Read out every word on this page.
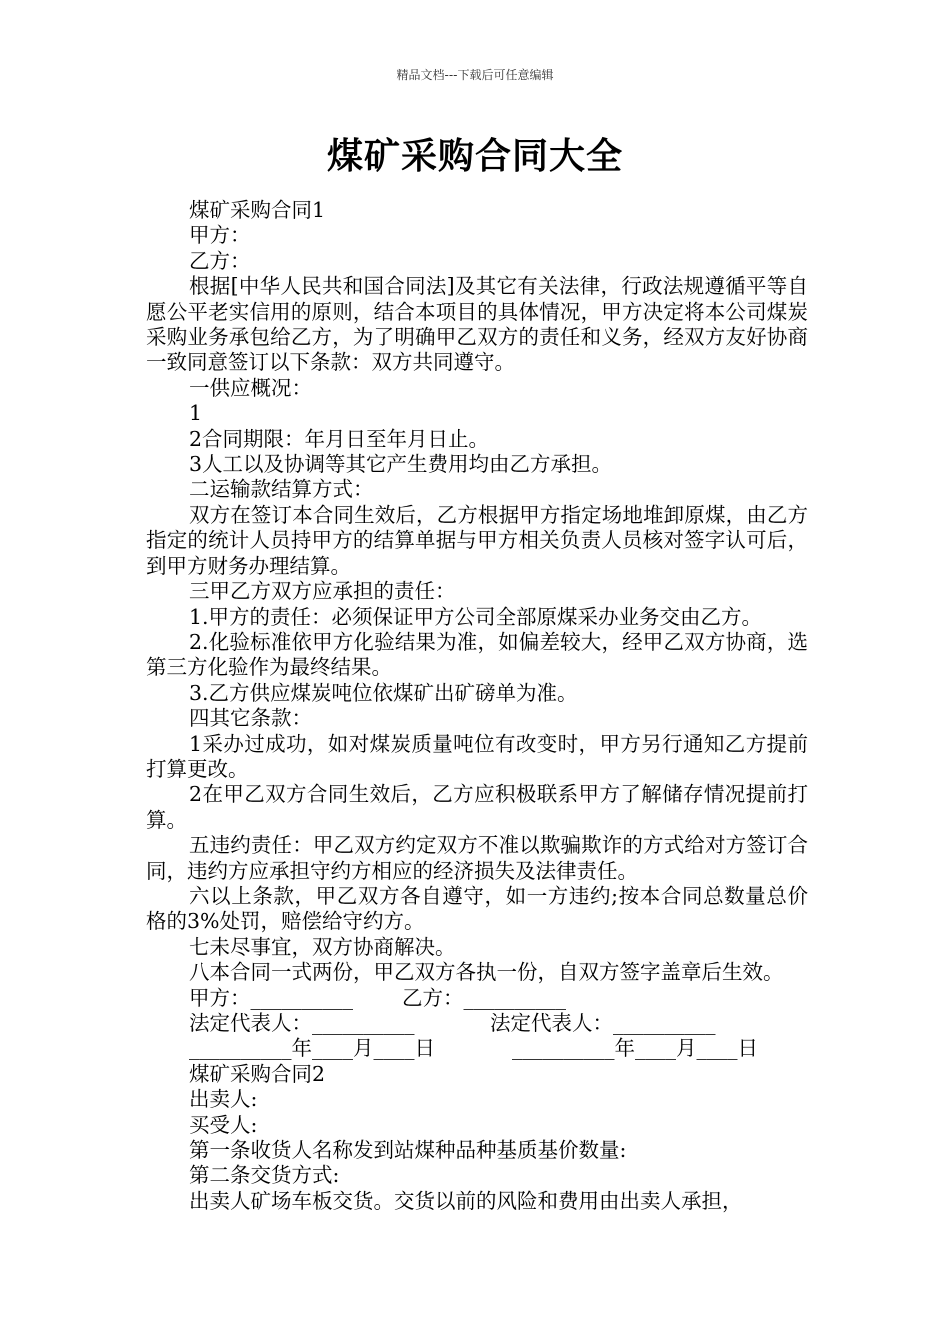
精品文档---下载后可任意编辑
煤矿采购合同大全

煤矿采购合同1

甲方：

乙方：

根据[中华人民共和国合同法]及其它有关法律，行政法规遵循平等自愿公平老实信用的原则，结合本项目的具体情况，甲方决定将本公司煤炭采购业务承包给乙方，为了明确甲乙双方的责任和义务，经双方友好协商一致同意签订以下条款：双方共同遵守。

一供应概况：

1

2合同期限：年月日至年月日止。

3人工以及协调等其它产生费用均由乙方承担。

二运输款结算方式：

双方在签订本合同生效后，乙方根据甲方指定场地堆卸原煤，由乙方指定的统计人员持甲方的结算单据与甲方相关负责人员核对签字认可后，到甲方财务办理结算。

三甲乙方双方应承担的责任：

1.甲方的责任：必须保证甲方公司全部原煤采办业务交由乙方。

2.化验标准依甲方化验结果为准，如偏差较大，经甲乙双方协商，选第三方化验作为最终结果。

3.乙方供应煤炭吨位依煤矿出矿磅单为准。

四其它条款：

1采办过成功，如对煤炭质量吨位有改变时，甲方另行通知乙方提前打算更改。

2在甲乙双方合同生效后，乙方应积极联系甲方了解储存情况提前打算。

五违约责任：甲乙双方约定双方不准以欺骗欺诈的方式给对方签订合同，违约方应承担守约方相应的经济损失及法律责任。

六以上条款，甲乙双方各自遵守，如一方违约;按本合同总数量总价格的3%处罚，赔偿给守约方。

七未尽事宜，双方协商解决。

八本合同一式两份，甲乙双方各执一份，自双方签字盖章后生效。

甲方：__________ 乙方：__________

法定代表人：__________	法定代表人：__________

__________年____月____日	__________年____月____日

煤矿采购合同2

出卖人:

买受人:

第一条收货人名称发到站煤种品种基质基价数量:

第二条交货方式:

出卖人矿场车板交货。交货以前的风险和费用由出卖人承担，
